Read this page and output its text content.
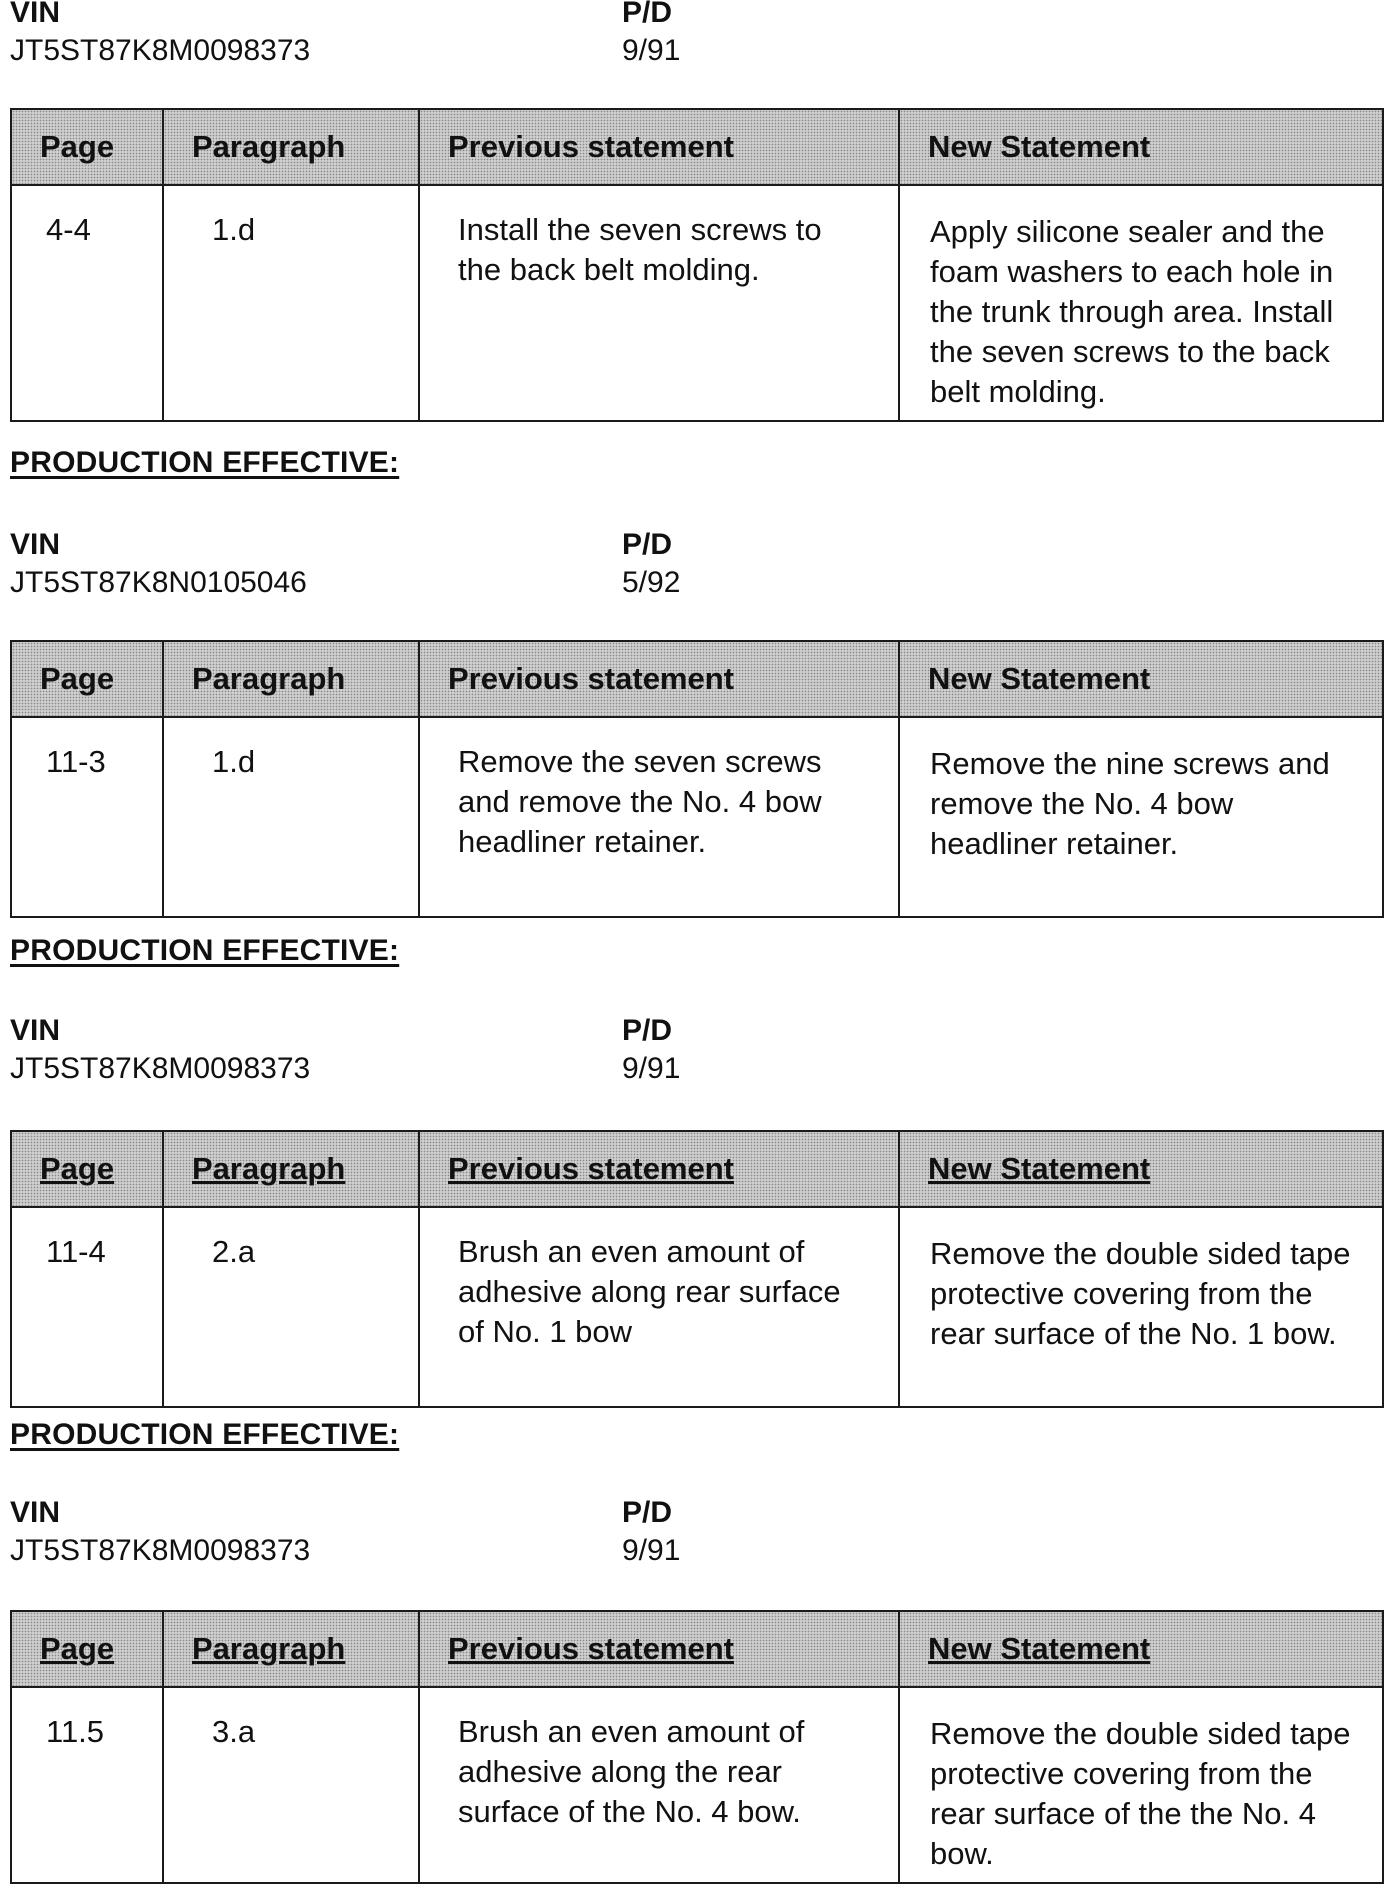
VIN	P/D
JT5ST87K8M0098373	9/91
Page	Paragraph	Previous statement	New Statement
4-4	1.d	Install the seven screws to the back belt molding.	Apply silicone sealer and the foam washers to each hole in the trunk through area. Install the seven screws to the back belt molding.
PRODUCTION EFFECTIVE:
VIN	P/D
JT5ST87K8N0105046	5/92
Page	Paragraph	Previous statement	New Statement
11-3	1.d	Remove the seven screws and remove the No. 4 bow headliner retainer.	Remove the nine screws and remove the No. 4 bow headliner retainer.
PRODUCTION EFFECTIVE:
VIN	P/D
JT5ST87K8M0098373	9/91
Page	Paragraph	Previous statement	New Statement
11-4	2.a	Brush an even amount of adhesive along rear surface of No. 1 bow	Remove the double sided tape protective covering from the rear surface of the No. 1 bow.
PRODUCTION EFFECTIVE:
VIN	P/D
JT5ST87K8M0098373	9/91
Page	Paragraph	Previous statement	New Statement
11.5	3.a	Brush an even amount of adhesive along the rear surface of the No. 4 bow.	Remove the double sided tape protective covering from the rear surface of the the No. 4 bow.
